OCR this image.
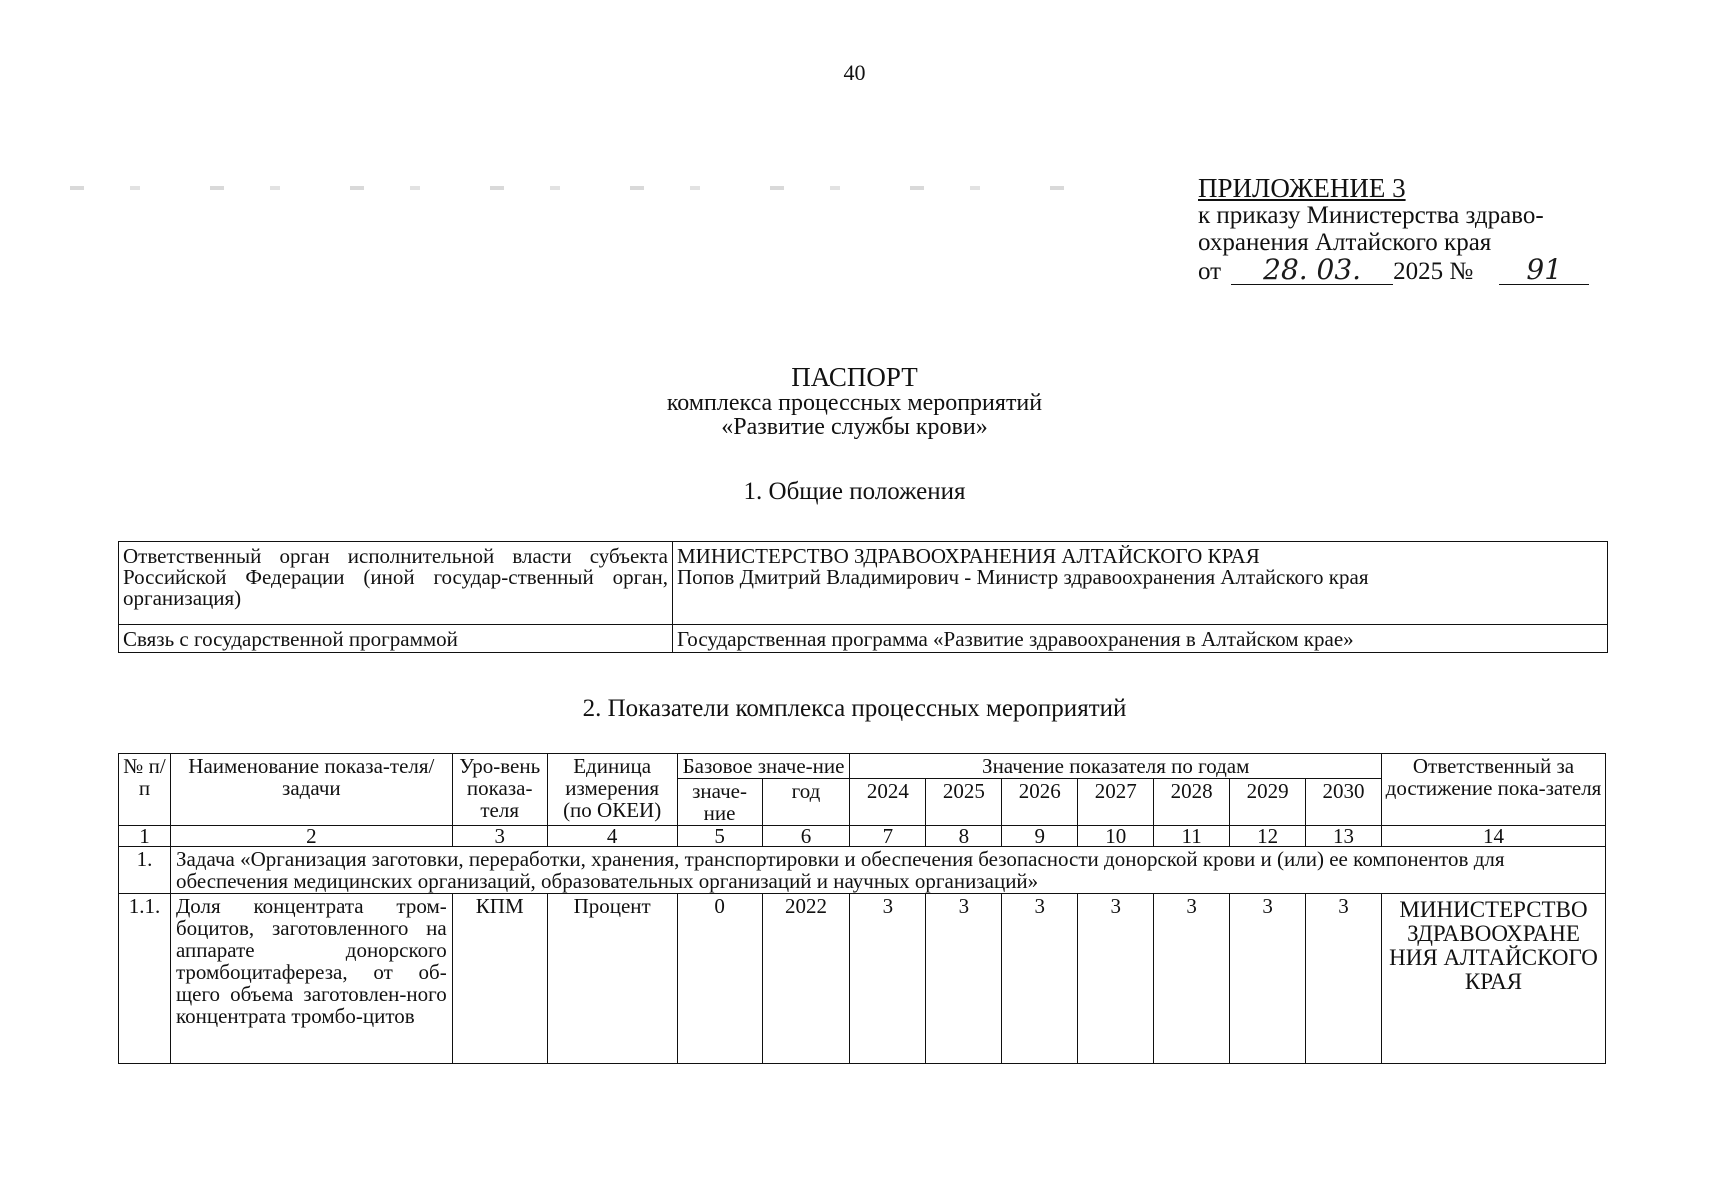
40
ПРИЛОЖЕНИЕ 3
к приказу Министерства здраво-
охранения Алтайского края
от	28. 03.	2025 №	91
ПАСПОРТ
комплекса процессных мероприятий
«Развитие службы крови»
1. Общие положения
Ответственный орган исполнительной власти субъекта Российской Федерации (иной государ-ственный орган, организация)	МИНИСТЕРСТВО ЗДРАВООХРАНЕНИЯ АЛТАЙСКОГО КРАЯ
Попов Дмитрий Владимирович - Министр здравоохранения Алтайского края

Связь с государственной программой	Государственная программа «Развитие здравоохранения в Алтайском крае»
2. Показатели комплекса процессных мероприятий
№ п/п	Наименование показа-теля/задачи	Уро-вень показа-теля	Единица измерения (по ОКЕИ)	Базовое значе-ние		Значение показателя по годам							Ответственный за достижение пока-зателя
				значе-ние	год	2024	2025	2026	2027	2028	2029	2030	
1	2	3	4	5	6	7	8	9	10	11	12	13	14
1.	Задача «Организация заготовки, переработки, хранения, транспортировки и обеспечения безопасности донорской крови и (или) ее компонентов для обеспечения медицинских организаций, образовательных организаций и научных организаций»												
1.1.	Доля концентрата тром-боцитов, заготовленного на аппарате донорского тромбоцитафереза, от об-щего объема заготовлен-ного концентрата тромбо-цитов	КПМ	Процент	0	2022	3	3	3	3	3	3	3	МИНИСТЕРСТВО ЗДРАВООХРАНЕ НИЯ АЛТАЙСКОГО КРАЯ
